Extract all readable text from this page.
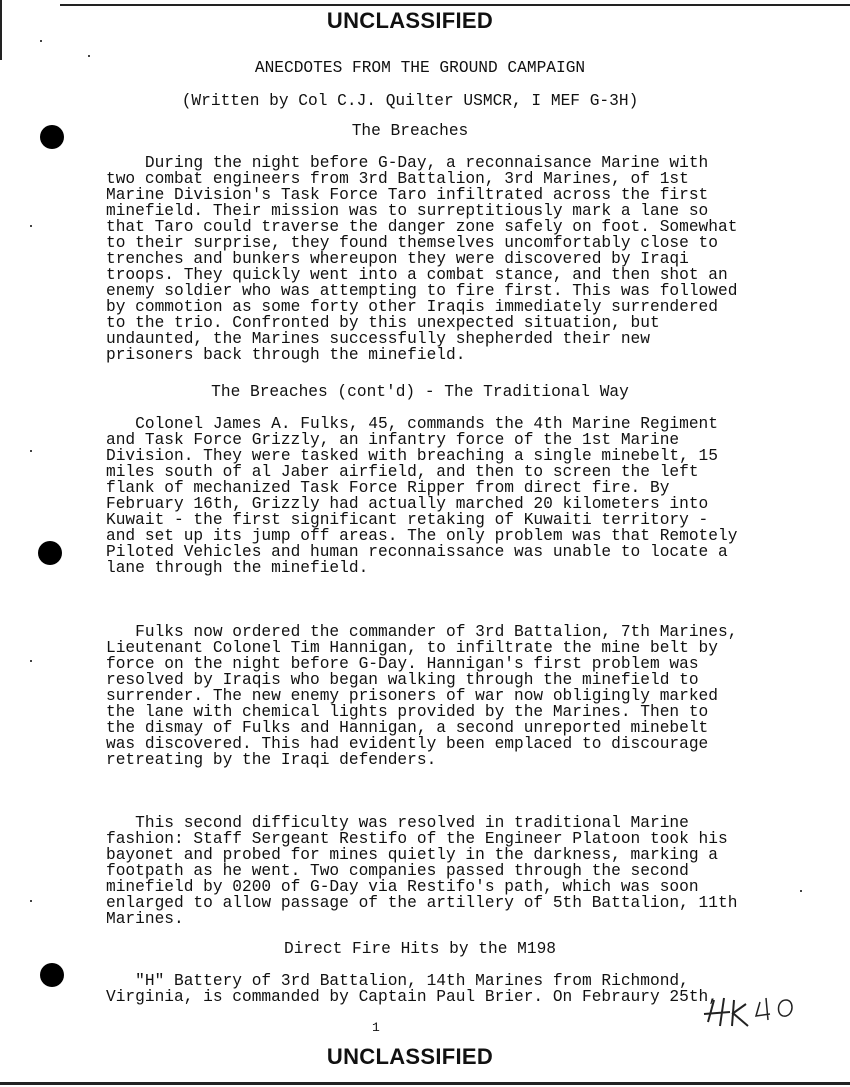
UNCLASSIFIED
ANECDOTES FROM THE GROUND CAMPAIGN
(Written by Col C.J. Quilter USMCR, I MEF G-3H)
The Breaches
During the night before G-Day, a reconnaisance Marine with
two combat engineers from 3rd Battalion, 3rd Marines, of 1st
Marine Division's Task Force Taro infiltrated across the first
minefield. Their mission was to surreptitiously mark a lane so
that Taro could traverse the danger zone safely on foot. Somewhat
to their surprise, they found themselves uncomfortably close to
trenches and bunkers whereupon they were discovered by Iraqi
troops. They quickly went into a combat stance, and then shot an
enemy soldier who was attempting to fire first. This was followed
by commotion as some forty other Iraqis immediately surrendered
to the trio. Confronted by this unexpected situation, but
undaunted, the Marines successfully shepherded their new
prisoners back through the minefield.
The Breaches (cont'd) - The Traditional Way
Colonel James A. Fulks, 45, commands the 4th Marine Regiment
and Task Force Grizzly, an infantry force of the 1st Marine
Division. They were tasked with breaching a single minebelt, 15
miles south of al Jaber airfield, and then to screen the left
flank of mechanized Task Force Ripper from direct fire. By
February 16th, Grizzly had actually marched 20 kilometers into
Kuwait - the first significant retaking of Kuwaiti territory -
and set up its jump off areas. The only problem was that Remotely
Piloted Vehicles and human reconnaissance was unable to locate a
lane through the minefield.
Fulks now ordered the commander of 3rd Battalion, 7th Marines,
Lieutenant Colonel Tim Hannigan, to infiltrate the mine belt by
force on the night before G-Day. Hannigan's first problem was
resolved by Iraqis who began walking through the minefield to
surrender. The new enemy prisoners of war now obligingly marked
the lane with chemical lights provided by the Marines. Then to
the dismay of Fulks and Hannigan, a second unreported minebelt
was discovered. This had evidently been emplaced to discourage
retreating by the Iraqi defenders.
This second difficulty was resolved in traditional Marine
fashion: Staff Sergeant Restifo of the Engineer Platoon took his
bayonet and probed for mines quietly in the darkness, marking a
footpath as he went. Two companies passed through the second
minefield by 0200 of G-Day via Restifo's path, which was soon
enlarged to allow passage of the artillery of 5th Battalion, 11th
Marines.
Direct Fire Hits by the M198
"H" Battery of 3rd Battalion, 14th Marines from Richmond,
Virginia, is commanded by Captain Paul Brier. On Febraury 25th,
1
UNCLASSIFIED
